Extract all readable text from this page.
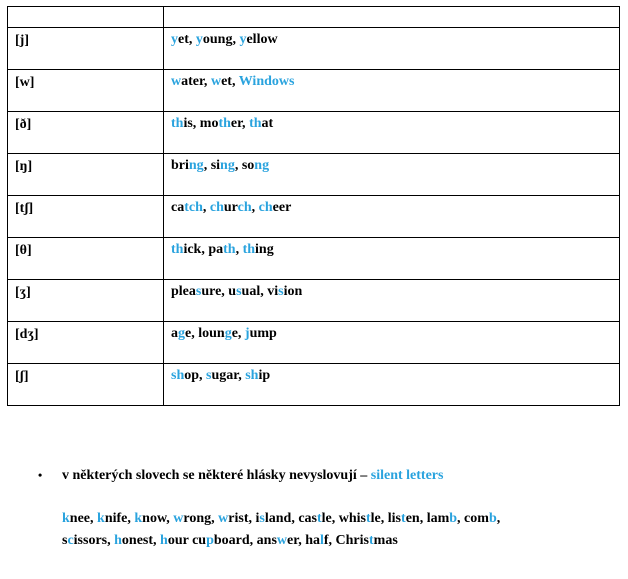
[j]	yet, young, yellow
[w]	water, wet, Windows
[ð]	this, mother, that
[ŋ]	bring, sing, song
[tʃ]	catch, church, cheer
[θ]	thick, path, thing
[ʒ]	pleasure, usual, vision
[dʒ]	age, lounge, jump
[ʃ]	shop, sugar, ship
• v některých slovech se některé hlásky nevyslovují – silent letters
knee, knife, know, wrong, wrist, island, castle, whistle, listen, lamb, comb,
scissors, honest, hour cupboard, answer, half, Christmas
